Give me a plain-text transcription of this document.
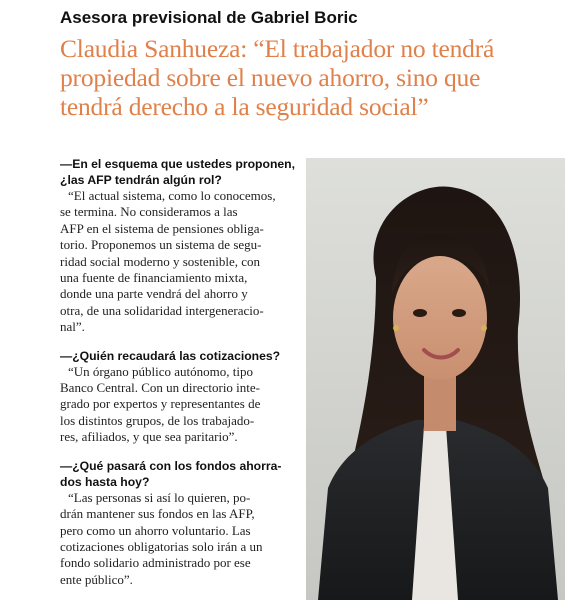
Asesora previsional de Gabriel Boric
Claudia Sanhueza: “El trabajador no tendrá
propiedad sobre el nuevo ahorro, sino que
tendrá derecho a la seguridad social”
—En el esquema que ustedes proponen,
¿las AFP tendrán algún rol?
“El actual sistema, como lo conocemos,
se termina. No consideramos a las
AFP en el sistema de pensiones obliga-
torio. Proponemos un sistema de segu-
ridad social moderno y sostenible, con
una fuente de financiamiento mixta,
donde una parte vendrá del ahorro y
otra, de una solidaridad intergeneracio-
nal”.
—¿Quién recaudará las cotizaciones?
“Un órgano público autónomo, tipo
Banco Central. Con un directorio inte-
grado por expertos y representantes de
los distintos grupos, de los trabajado-
res, afiliados, y que sea paritario”.
—¿Qué pasará con los fondos ahorra-
dos hasta hoy?
“Las personas si así lo quieren, po-
drán mantener sus fondos en las AFP,
pero como un ahorro voluntario. Las
cotizaciones obligatorias solo irán a un
fondo solidario administrado por ese
ente público”.
